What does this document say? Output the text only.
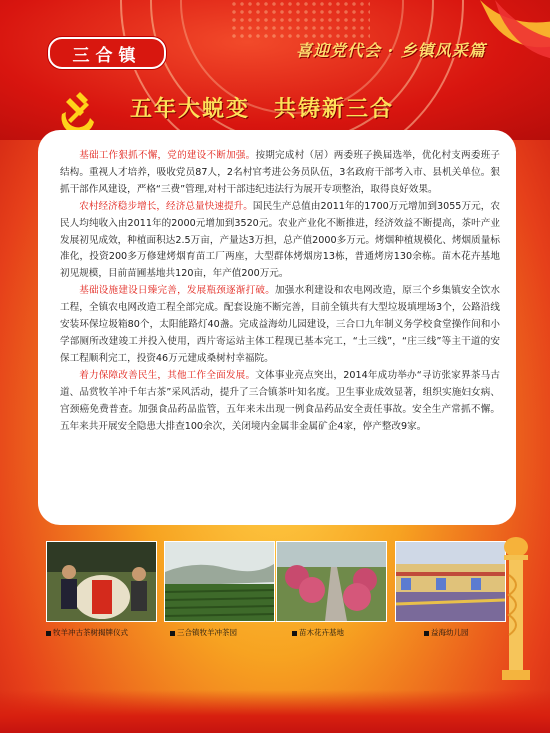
三合镇	喜迎党代会 · 乡镇风采篇
五年大蜕变　共铸新三合

基础工作狠抓不懈，党的建设不断加强。按期完成村（居）两委班子换届选举，优化村支两委班子结构。重视人才培养，吸收党员87人，2名村官考进公务员队伍，3名政府干部考入市、县机关单位。狠抓干部作风建设，严格“三费”管理,对村干部违纪违法行为展开专项整治，取得良好效果。

农村经济稳步增长，经济总量快速提升。国民生产总值由2011年的1700万元增加到3055万元，农民人均纯收入由2011年的2000元增加到3520元。农业产业化不断推进，经济效益不断提高，茶叶产业发展初见成效，种植面积达2.5万亩，产量达3万担，总产值2000多万元。烤烟种植规模化、烤烟质量标准化，投资200多万修建烤烟育苗工厂两座，大型群体烤烟房13栋，普通烤房130余栋。苗木花卉基地初见规模，目前苗圃基地共120亩，年产值200万元。

基础设施建设日臻完善，发展瓶颈逐渐打破。加强水利建设和农电网改造，原三个乡集镇安全饮水工程，全镇农电网改造工程全部完成。配套设施不断完善，目前全镇共有大型垃圾填埋场3个，公路沿线安装环保垃圾箱80个，太阳能路灯40盏。完成益海幼儿园建设，三合口九年制义务学校食堂操作间和小学部厕所改建竣工并投入使用，西片寄运站主体工程现已基本完工，“土三线”，“庄三线”等主干道的安保工程顺利完工，投资46万元建成桑树村幸福院。

着力保障改善民生，其他工作全面发展。文体事业亮点突出，2014年成功举办“寻访张家界茶马古道、品赏牧羊冲千年古茶”采风活动，提升了三合镇茶叶知名度。卫生事业成效显著，组织实施妇女病、宫颈癌免费普查。加强食品药品监管，五年来未出现一例食品药品安全责任事故。安全生产常抓不懈。五年来共开展安全隐患大排查100余次，关闭境内金属非金属矿企4家，停产整改9家。

牧羊冲古茶树揭牌仪式	三合镇牧羊冲茶园	苗木花卉基地	益海幼儿园
